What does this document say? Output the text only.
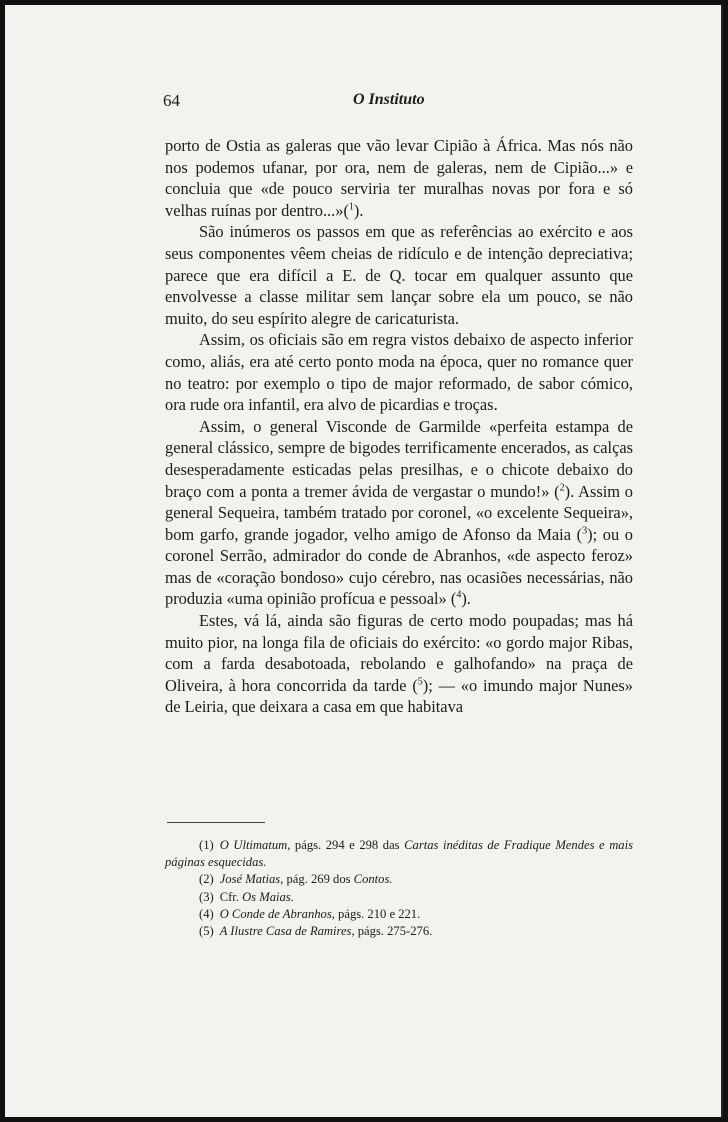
64	O Instituto

porto de Ostia as galeras que vão levar Cipião à África. Mas nós não nos podemos ufanar, por ora, nem de galeras, nem de Cipião...» e concluia que «de pouco serviria ter muralhas novas por fora e só velhas ruínas por dentro...»($^1$).

São inúmeros os passos em que as referências ao exército e aos seus componentes vêem cheias de ridículo e de intenção depreciativa; parece que era difícil a E. de Q. tocar em qualquer assunto que envolvesse a classe militar sem lançar sobre ela um pouco, se não muito, do seu espírito alegre de caricaturista.

Assim, os oficiais são em regra vistos debaixo de aspecto inferior como, aliás, era até certo ponto moda na época, quer no romance quer no teatro: por exemplo o tipo de major reformado, de sabor cómico, ora rude ora infantil, era alvo de picardias e troças.

Assim, o general Visconde de Garmilde «perfeita estampa de general clássico, sempre de bigodes terrificamente encerados, as calças desesperadamente esticadas pelas presilhas, e o chicote debaixo do braço com a ponta a tremer ávida de vergastar o mundo!» ($^2$). Assim o general Sequeira, também tratado por coronel, «o excelente Sequeira», bom garfo, grande jogador, velho amigo de Afonso da Maia ($^3$); ou o coronel Serrão, admirador do conde de Abranhos, «de aspecto feroz» mas de «coração bondoso» cujo cérebro, nas ocasiões necessárias, não produzia «uma opinião profícua e pessoal» ($^4$).

Estes, vá lá, ainda são figuras de certo modo poupadas; mas há muito pior, na longa fila de oficiais do exército: «o gordo major Ribas, com a farda desabotoada, rebolando e galhofando» na praça de Oliveira, à hora concorrida da tarde ($^5$); — «o imundo major Nunes» de Leiria, que deixara a casa em que habitava

(1) O Ultimatum, págs. 294 e 298 das Cartas inéditas de Fradique Mendes e mais páginas esquecidas.

(2) José Matias, pág. 269 dos Contos.

(3) Cfr. Os Maias.

(4) O Conde de Abranhos, págs. 210 e 221.

(5) A Ilustre Casa de Ramires, págs. 275-276.
